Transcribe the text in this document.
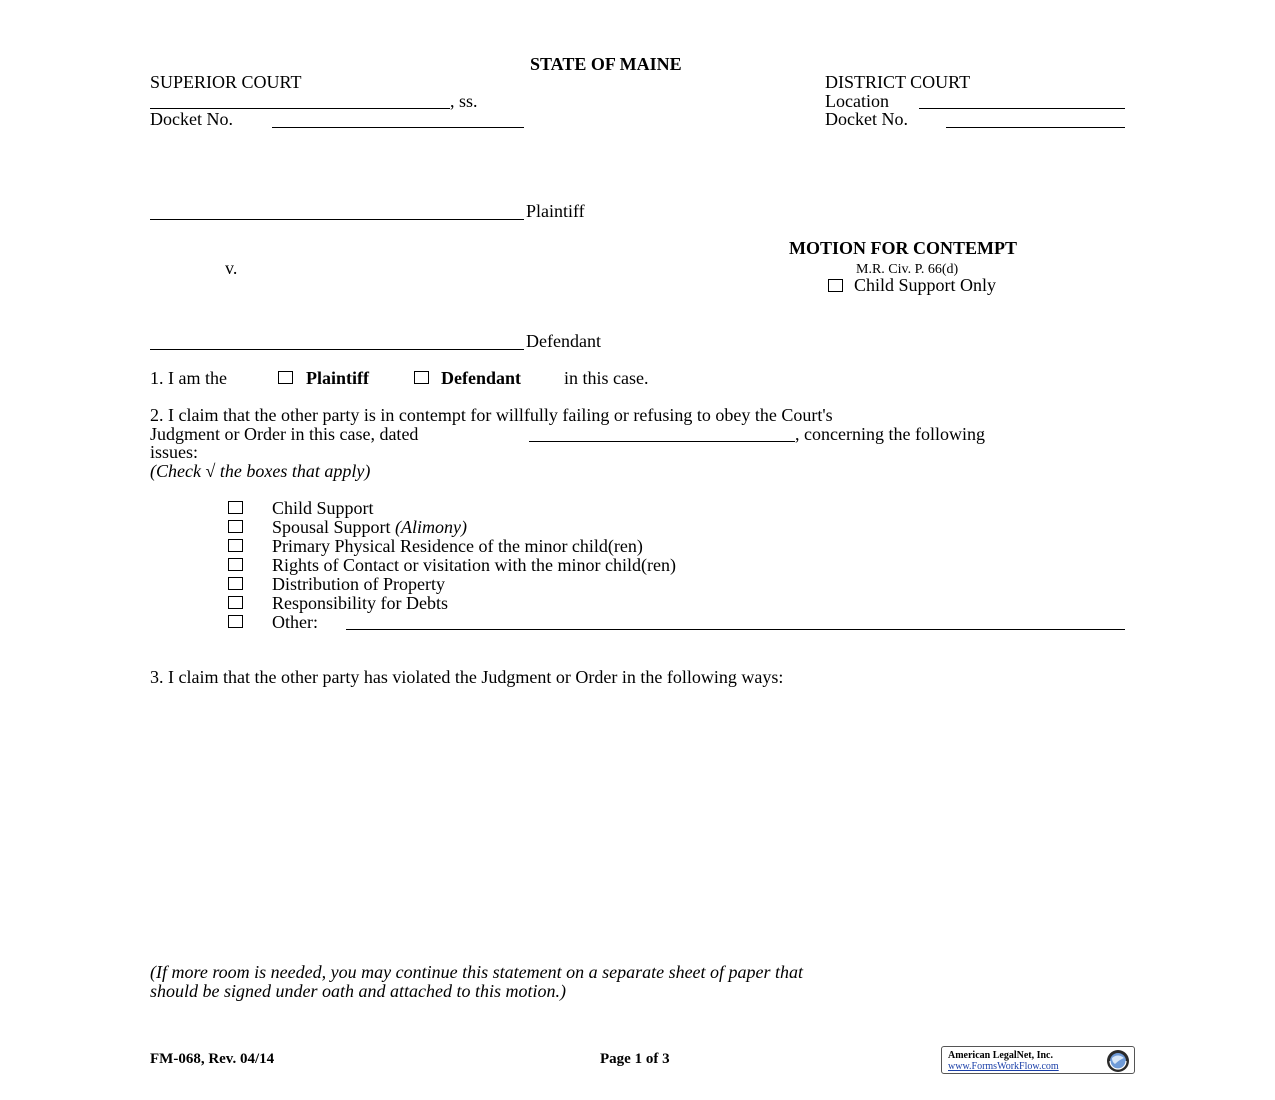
STATE OF MAINE
SUPERIOR COURT
, ss.
Docket No.
DISTRICT COURT
Location
Docket No.
Plaintiff
v.
Defendant
MOTION FOR CONTEMPT
M.R. Civ. P. 66(d)
Child Support Only
1. I am the	Plaintiff	Defendant in this case.
2. I claim that the other party is in contempt for willfully failing or refusing to obey the Court's
Judgment or Order in this case, dated	, concerning the following
issues:
(Check √ the boxes that apply)
Child Support
Spousal Support (Alimony)
Primary Physical Residence of the minor child(ren)
Rights of Contact or visitation with the minor child(ren)
Distribution of Property
Responsibility for Debts
Other:
3. I claim that the other party has violated the Judgment or Order in the following ways:
(If more room is needed, you may continue this statement on a separate sheet of paper that
should be signed under oath and attached to this motion.)
FM-068, Rev. 04/14	Page 1 of 3	American LegalNet, Inc.
www.FormsWorkFlow.com
